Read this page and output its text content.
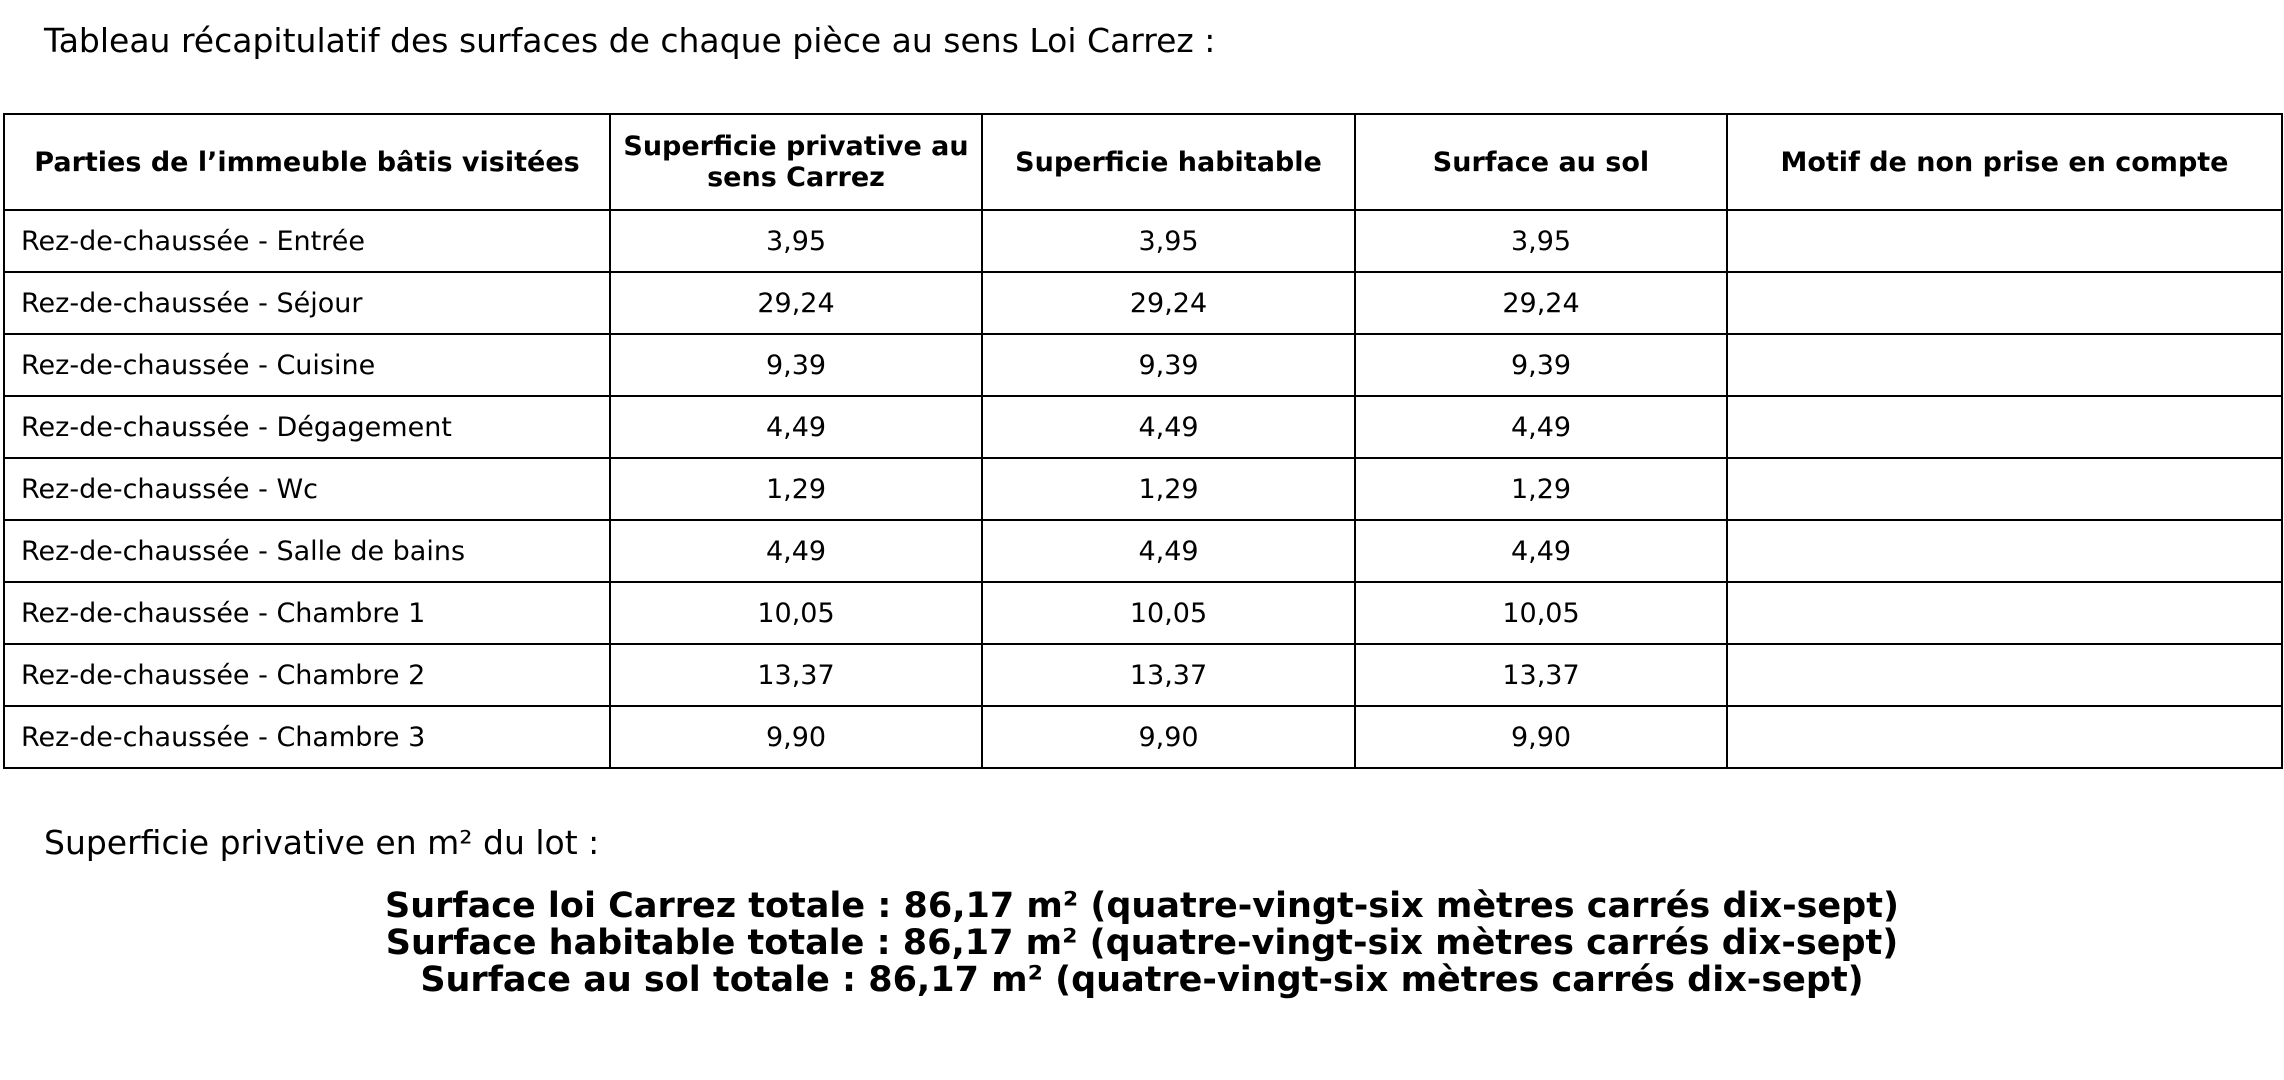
Tableau récapitulatif des surfaces de chaque pièce au sens Loi Carrez :
Parties de l’immeuble bâtis visitées	Superficie privative au sens Carrez	Superficie habitable	Surface au sol	Motif de non prise en compte
Rez-de-chaussée - Entrée	3,95	3,95	3,95	
Rez-de-chaussée - Séjour	29,24	29,24	29,24	
Rez-de-chaussée - Cuisine	9,39	9,39	9,39	
Rez-de-chaussée - Dégagement	4,49	4,49	4,49	
Rez-de-chaussée - Wc	1,29	1,29	1,29	
Rez-de-chaussée - Salle de bains	4,49	4,49	4,49	
Rez-de-chaussée - Chambre 1	10,05	10,05	10,05	
Rez-de-chaussée - Chambre 2	13,37	13,37	13,37	
Rez-de-chaussée - Chambre 3	9,90	9,90	9,90	
Superficie privative en m² du lot :
Surface loi Carrez totale : 86,17 m² (quatre-vingt-six mètres carrés dix-sept)
Surface habitable totale : 86,17 m² (quatre-vingt-six mètres carrés dix-sept)
Surface au sol totale : 86,17 m² (quatre-vingt-six mètres carrés dix-sept)
